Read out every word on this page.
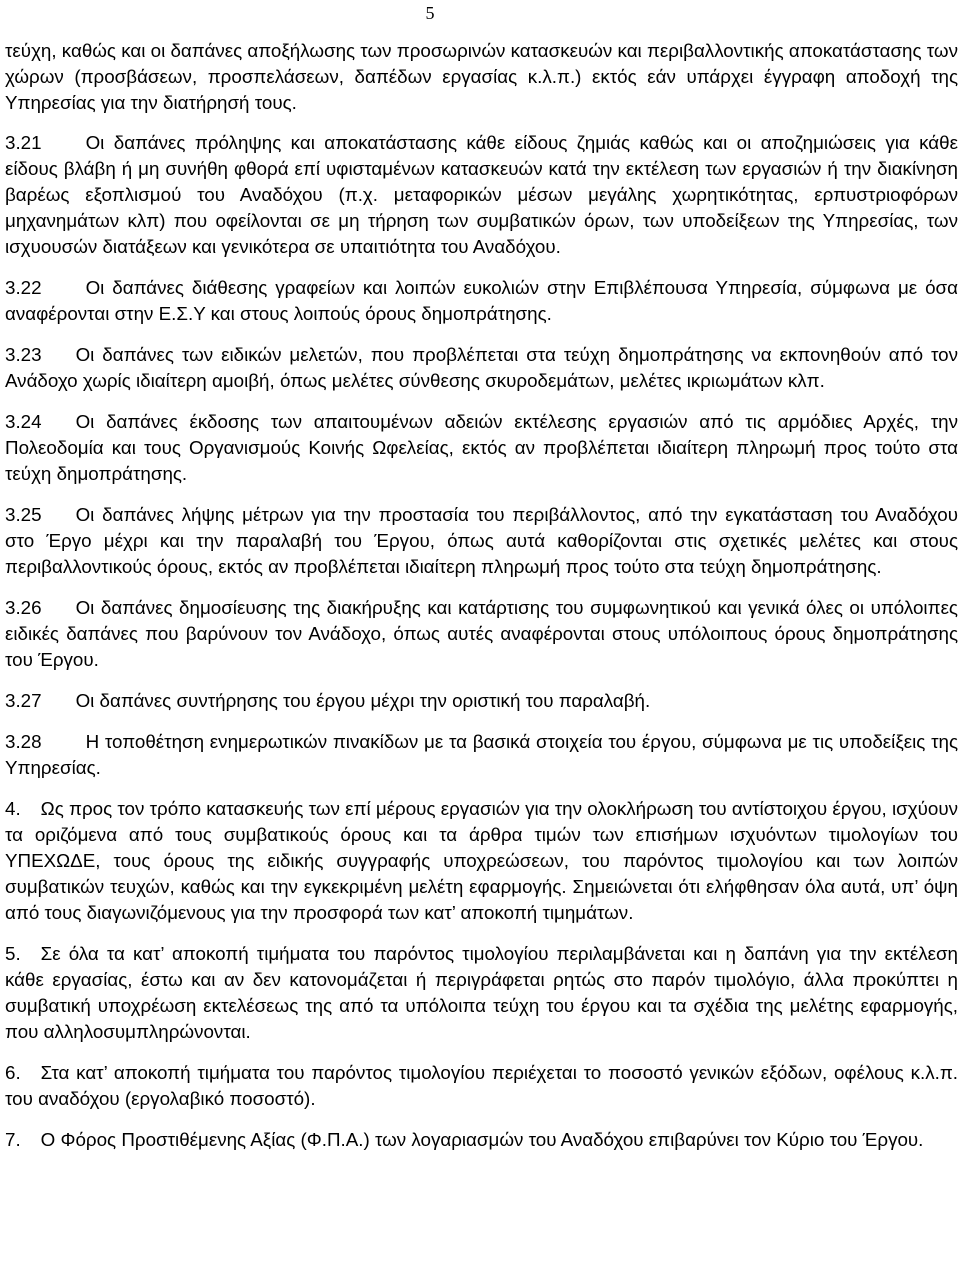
5

τεύχη, καθώς και οι δαπάνες αποξήλωσης των προσωρινών κατασκευών και περιβαλλοντικής αποκατάστασης των χώρων (προσβάσεων, προσπελάσεων, δαπέδων εργασίας κ.λ.π.) εκτός εάν υπάρχει έγγραφη αποδοχή της Υπηρεσίας για την διατήρησή τους.

3.21 Οι δαπάνες πρόληψης και αποκατάστασης κάθε είδους ζημιάς καθώς και οι αποζημιώσεις για κάθε είδους βλάβη ή μη συνήθη φθορά επί υφισταμένων κατασκευών κατά την εκτέλεση των εργασιών ή την διακίνηση βαρέως εξοπλισμού του Αναδόχου (π.χ. μεταφορικών μέσων μεγάλης χωρητικότητας, ερπυστριοφόρων μηχανημάτων κλπ) που οφείλονται σε μη τήρηση των συμβατικών όρων, των υποδείξεων της Υπηρεσίας, των ισχυουσών διατάξεων και γενικότερα σε υπαιτιότητα του Αναδόχου.

3.22 Οι δαπάνες διάθεσης γραφείων και λοιπών ευκολιών στην Επιβλέπουσα Υπηρεσία, σύμφωνα με όσα αναφέρονται στην Ε.Σ.Υ και στους λοιπούς όρους δημοπράτησης.

3.23 Οι δαπάνες των ειδικών μελετών, που προβλέπεται στα τεύχη δημοπράτησης να εκπονηθούν από τον Ανάδοχο χωρίς ιδιαίτερη αμοιβή, όπως μελέτες σύνθεσης σκυροδεμάτων, μελέτες ικριωμάτων κλπ.

3.24 Οι δαπάνες έκδοσης των απαιτουμένων αδειών εκτέλεσης εργασιών από τις αρμόδιες Αρχές, την Πολεοδομία και τους Οργανισμούς Κοινής Ωφελείας, εκτός αν προβλέπεται ιδιαίτερη πληρωμή προς τούτο στα τεύχη δημοπράτησης.

3.25 Οι δαπάνες λήψης μέτρων για την προστασία του περιβάλλοντος, από την εγκατάσταση του Αναδόχου στο Έργο μέχρι και την παραλαβή του Έργου, όπως αυτά καθορίζονται στις σχετικές μελέτες και στους περιβαλλοντικούς όρους, εκτός αν προβλέπεται ιδιαίτερη πληρωμή προς τούτο στα τεύχη δημοπράτησης.

3.26 Οι δαπάνες δημοσίευσης της διακήρυξης και κατάρτισης του συμφωνητικού και γενικά όλες οι υπόλοιπες ειδικές δαπάνες που βαρύνουν τον Ανάδοχο, όπως αυτές αναφέρονται στους υπόλοιπους όρους δημοπράτησης του Έργου.

3.27 Οι δαπάνες συντήρησης του έργου μέχρι την οριστική του παραλαβή.

3.28 Η τοποθέτηση ενημερωτικών πινακίδων με τα βασικά στοιχεία του έργου, σύμφωνα με τις υποδείξεις της Υπηρεσίας.

4. Ως προς τον τρόπο κατασκευής των επί μέρους εργασιών για την ολοκλήρωση του αντίστοιχου έργου, ισχύουν τα οριζόμενα από τους συμβατικούς όρους και τα άρθρα τιμών των επισήμων ισχυόντων τιμολογίων του ΥΠΕΧΩΔΕ, τους όρους της ειδικής συγγραφής υποχρεώσεων, του παρόντος τιμολογίου και των λοιπών συμβατικών τευχών, καθώς και την εγκεκριμένη μελέτη εφαρμογής. Σημειώνεται ότι ελήφθησαν όλα αυτά, υπ’ όψη από τους διαγωνιζόμενους για την προσφορά των κατ’ αποκοπή τιμημάτων.

5. Σε όλα τα κατ’ αποκοπή τιμήματα του παρόντος τιμολογίου περιλαμβάνεται και η δαπάνη για την εκτέλεση κάθε εργασίας, έστω και αν δεν κατονομάζεται ή περιγράφεται ρητώς στο παρόν τιμολόγιο, άλλα προκύπτει η συμβατική υποχρέωση εκτελέσεως της από τα υπόλοιπα τεύχη του έργου και τα σχέδια της μελέτης εφαρμογής, που αλληλοσυμπληρώνονται.

6. Στα κατ’ αποκοπή τιμήματα του παρόντος τιμολογίου περιέχεται το ποσοστό γενικών εξόδων, οφέλους κ.λ.π. του αναδόχου (εργολαβικό ποσοστό).

7. Ο Φόρος Προστιθέμενης Αξίας (Φ.Π.Α.) των λογαριασμών του Αναδόχου επιβαρύνει τον Κύριο του Έργου.
